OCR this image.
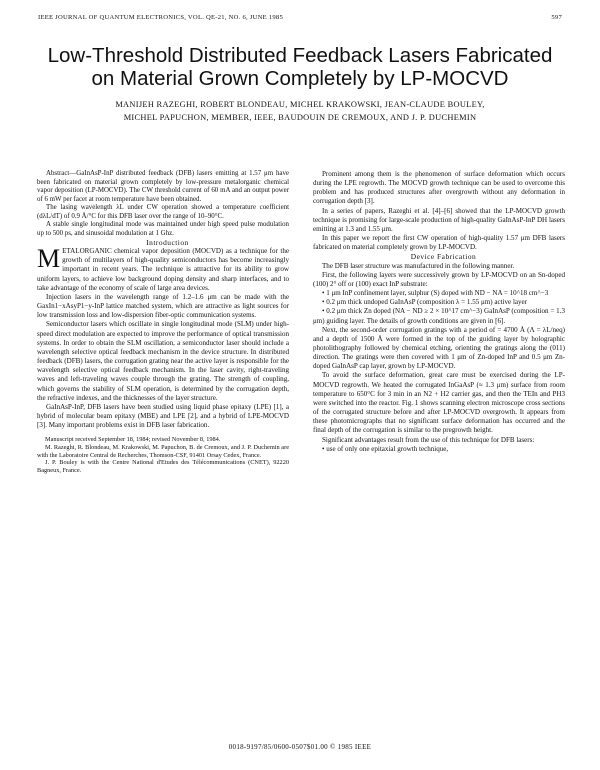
IEEE JOURNAL OF QUANTUM ELECTRONICS, VOL. QE-21, NO. 6, JUNE 1985	597
Low-Threshold Distributed Feedback Lasers Fabricated
on Material Grown Completely by LP-MOCVD
MANIJEH RAZEGHI, ROBERT BLONDEAU, MICHEL KRAKOWSKI, JEAN-CLAUDE BOULEY,
MICHEL PAPUCHON, MEMBER, IEEE, BAUDOUIN DE CREMOUX, AND J. P. DUCHEMIN

Abstract—GaInAsP-InP distributed feedback (DFB) lasers emitting at 1.57 μm have been fabricated on material grown completely by low-pressure metalorganic chemical vapor deposition (LP-MOCVD). The CW threshold current of 60 mA and an output power of 6 mW per facet at room temperature have been obtained.

The lasing wavelength λL under CW operation showed a temperature coefficient (dλL/dT) of 0.9 Å/°C for this DFB laser over the range of 10–90°C.

A stable single longitudinal mode was maintained under high speed pulse modulation up to 500 ps, and sinusoidal modulation at 1 Ghz.

Introduction

METALORGANIC chemical vapor deposition (MOCVD) as a technique for the growth of multilayers of high-quality semiconductors has become increasingly important in recent years. The technique is attractive for its ability to grow uniform layers, to achieve low background doping density and sharp interfaces, and to take advantage of the economy of scale of large area devices.

Injection lasers in the wavelength range of 1.2–1.6 μm can be made with the GaxIn1−xAsyP1−y-InP lattice matched system, which are attractive as light sources for low transmission loss and low-dispersion fiber-optic communication systems.

Semiconductor lasers which oscillate in single longitudinal mode (SLM) under high-speed direct modulation are expected to improve the performance of optical transmission systems. In order to obtain the SLM oscillation, a semiconductor laser should include a wavelength selective optical feedback mechanism in the device structure. In distributed feedback (DFB) lasers, the corrugation grating near the active layer is responsible for the wavelength selective optical feedback mechanism. In the laser cavity, right-traveling waves and left-traveling waves couple through the grating. The strength of coupling, which governs the stability of SLM operation, is determined by the corrugation depth, the refractive indexes, and the thicknesses of the layer structure.

GaInAsP-InP, DFB lasers have been studied using liquid phase epitaxy (LPE) [1], a hybrid of molecular beam epitaxy (MBE) and LPE [2], and a hybrid of LPE-MOCVD [3]. Many important problems exist in DFB laser fabrication.

Manuscript received September 18, 1984; revised November 8, 1984.

M. Razeghi, R. Blondeau, M. Krakowski, M. Papuchon, B. de Cremoux, and J. P. Duchemin are with the Laboratoire Central de Recherches, Thomson-CSF, 91401 Orsay Cedex, France.

J. P. Bouley is with the Centre National d'Etudes des Télécommunications (CNET), 92220 Bagneux, France.

Prominent among them is the phenomenon of surface deformation which occurs during the LPE regrowth. The MOCVD growth technique can be used to overcome this problem and has produced structures after overgrowth without any deformation in corrugation depth [3].

In a series of papers, Razeghi et al. [4]–[6] showed that the LP-MOCVD growth technique is promising for large-scale production of high-quality GaInAsP-InP DH lasers emitting at 1.3 and 1.55 μm.

In this paper we report the first CW operation of high-quality 1.57 μm DFB lasers fabricated on material completely grown by LP-MOCVD.

Device Fabrication

The DFB laser structure was manufactured in the following manner.

First, the following layers were successively grown by LP-MOCVD on an Sn-doped (100) 2° off or (100) exact InP substrate:

• 1 μm InP confinement layer, sulphur (S) doped with ND − NA = 10^18 cm^−3

• 0.2 μm thick undoped GaInAsP (composition λ = 1.55 μm) active layer

• 0.2 μm thick Zn doped (NA − ND ≥ 2 × 10^17 cm^−3) GaInAsP (composition = 1.3 μm) guiding layer. The details of growth conditions are given in [6].

Next, the second-order corrugation gratings with a period of = 4700 Å (Λ = λL/neq) and a depth of 1500 Å were formed in the top of the guiding layer by holographic photolithography followed by chemical etching, orienting the gratings along the (011) direction. The gratings were then covered with 1 μm of Zn-doped InP and 0.5 μm Zn-doped GaInAsP cap layer, grown by LP-MOCVD.

To avoid the surface deformation, great care must be exercised during the LP-MOCVD regrowth. We heated the corrugated InGaAsP (≈ 1.3 μm) surface from room temperature to 650°C for 3 min in an N2 + H2 carrier gas, and then the TEIn and PH3 were switched into the reactor. Fig. 1 shows scanning electron microscope cross sections of the corrugated structure before and after LP-MOCVD overgrowth. It appears from these photomicrographs that no significant surface deformation has occurred and the final depth of the corrugation is similar to the pregrowth height.

Significant advantages result from the use of this technique for DFB lasers:

• use of only one epitaxial growth technique,

0018-9197/85/0600-0507$01.00 © 1985 IEEE
